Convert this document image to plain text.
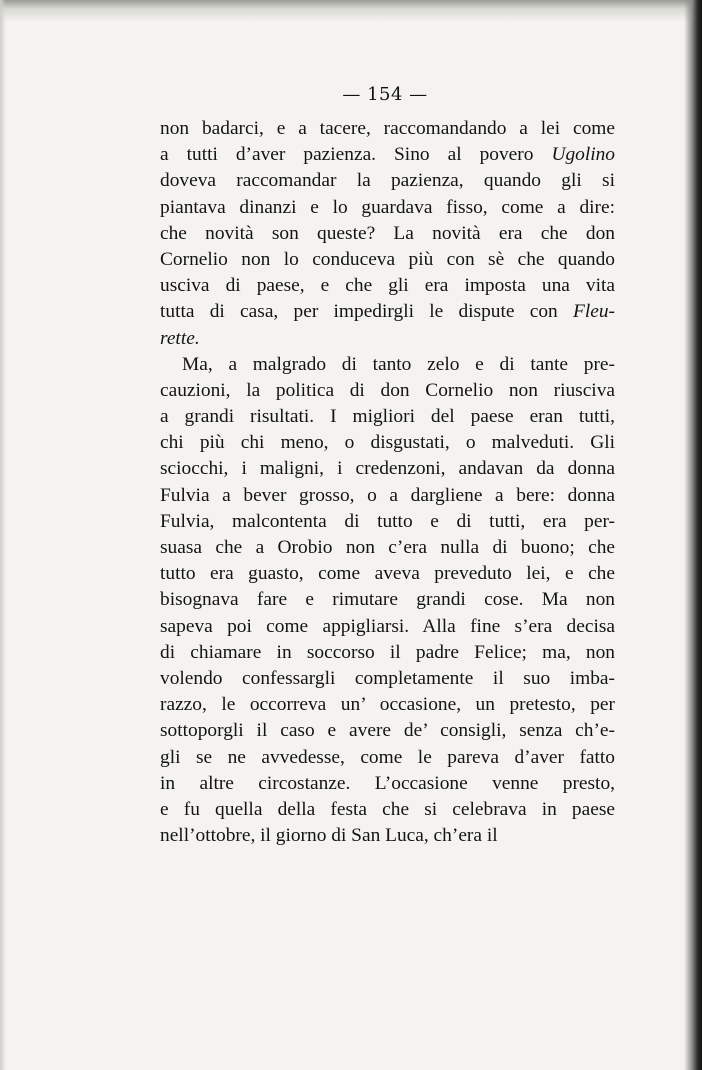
— 154 —
non badarci, e a tacere, raccomandando a lei come
a tutti d’aver pazienza. Sino al povero Ugolino
doveva raccomandar la pazienza, quando gli si
piantava dinanzi e lo guardava fisso, come a dire:
che novità son queste? La novità era che don
Cornelio non lo conduceva più con sè che quando
usciva di paese, e che gli era imposta una vita
tutta di casa, per impedirgli le dispute con Fleu-
rette.
Ma, a malgrado di tanto zelo e di tante pre-
cauzioni, la politica di don Cornelio non riusciva
a grandi risultati. I migliori del paese eran tutti,
chi più chi meno, o disgustati, o malveduti. Gli
sciocchi, i maligni, i credenzoni, andavan da donna
Fulvia a bever grosso, o a dargliene a bere: donna
Fulvia, malcontenta di tutto e di tutti, era per-
suasa che a Orobio non c’era nulla di buono; che
tutto era guasto, come aveva preveduto lei, e che
bisognava fare e rimutare grandi cose. Ma non
sapeva poi come appigliarsi. Alla fine s’era decisa
di chiamare in soccorso il padre Felice; ma, non
volendo confessargli completamente il suo imba-
razzo, le occorreva un’ occasione, un pretesto, per
sottoporgli il caso e avere de’ consigli, senza ch’e-
gli se ne avvedesse, come le pareva d’aver fatto
in altre circostanze. L’occasione venne presto,
e fu quella della festa che si celebrava in paese
nell’ottobre, il giorno di San Luca, ch’era il
